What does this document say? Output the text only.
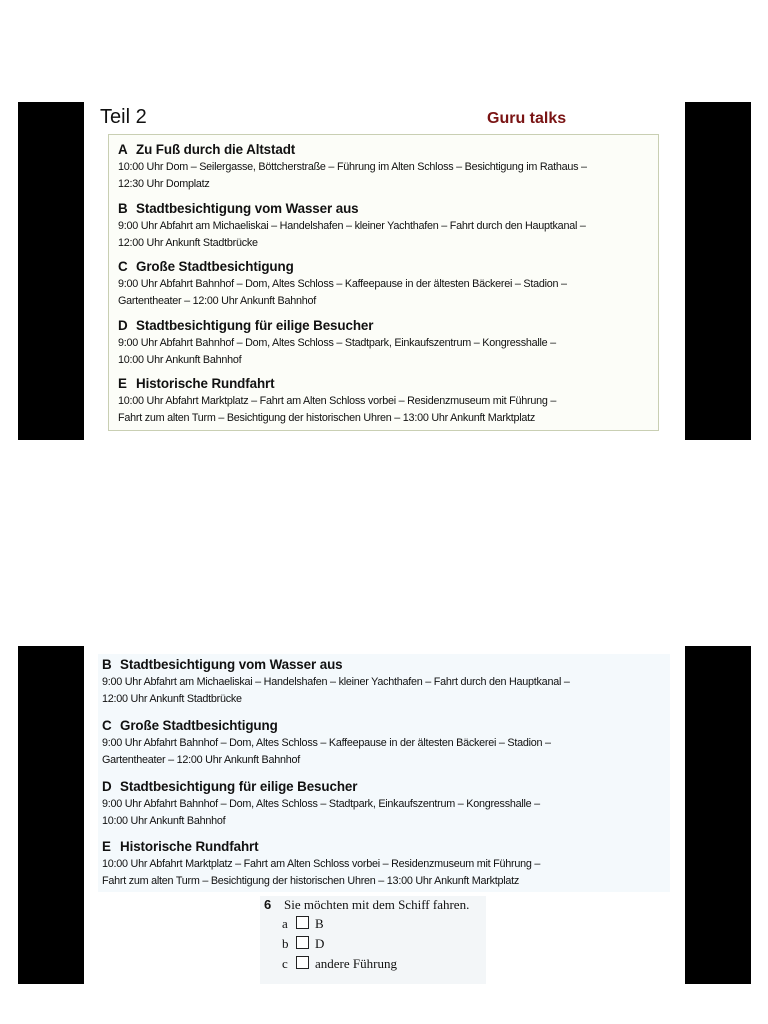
Teil 2	Guru talks
A Zu Fuß durch die Altstadt
10:00 Uhr Dom – Seilergasse, Böttcherstraße – Führung im Alten Schloss – Besichtigung im Rathaus –
12:30 Uhr Domplatz
B Stadtbesichtigung vom Wasser aus
9:00 Uhr Abfahrt am Michaeliskai – Handelshafen – kleiner Yachthafen – Fahrt durch den Hauptkanal –
12:00 Uhr Ankunft Stadtbrücke
C Große Stadtbesichtigung
9:00 Uhr Abfahrt Bahnhof – Dom, Altes Schloss – Kaffeepause in der ältesten Bäckerei – Stadion –
Gartentheater – 12:00 Uhr Ankunft Bahnhof
D Stadtbesichtigung für eilige Besucher
9:00 Uhr Abfahrt Bahnhof – Dom, Altes Schloss – Stadtpark, Einkaufszentrum – Kongresshalle –
10:00 Uhr Ankunft Bahnhof
E Historische Rundfahrt
10:00 Uhr Abfahrt Marktplatz – Fahrt am Alten Schloss vorbei – Residenzmuseum mit Führung –
Fahrt zum alten Turm – Besichtigung der historischen Uhren – 13:00 Uhr Ankunft Marktplatz
B Stadtbesichtigung vom Wasser aus
9:00 Uhr Abfahrt am Michaeliskai – Handelshafen – kleiner Yachthafen – Fahrt durch den Hauptkanal –
12:00 Uhr Ankunft Stadtbrücke
C Große Stadtbesichtigung
9:00 Uhr Abfahrt Bahnhof – Dom, Altes Schloss – Kaffeepause in der ältesten Bäckerei – Stadion –
Gartentheater – 12:00 Uhr Ankunft Bahnhof
D Stadtbesichtigung für eilige Besucher
9:00 Uhr Abfahrt Bahnhof – Dom, Altes Schloss – Stadtpark, Einkaufszentrum – Kongresshalle –
10:00 Uhr Ankunft Bahnhof
E Historische Rundfahrt
10:00 Uhr Abfahrt Marktplatz – Fahrt am Alten Schloss vorbei – Residenzmuseum mit Führung –
Fahrt zum alten Turm – Besichtigung der historischen Uhren – 13:00 Uhr Ankunft Marktplatz
6 Sie möchten mit dem Schiff fahren.
a B
b D
c andere Führung
